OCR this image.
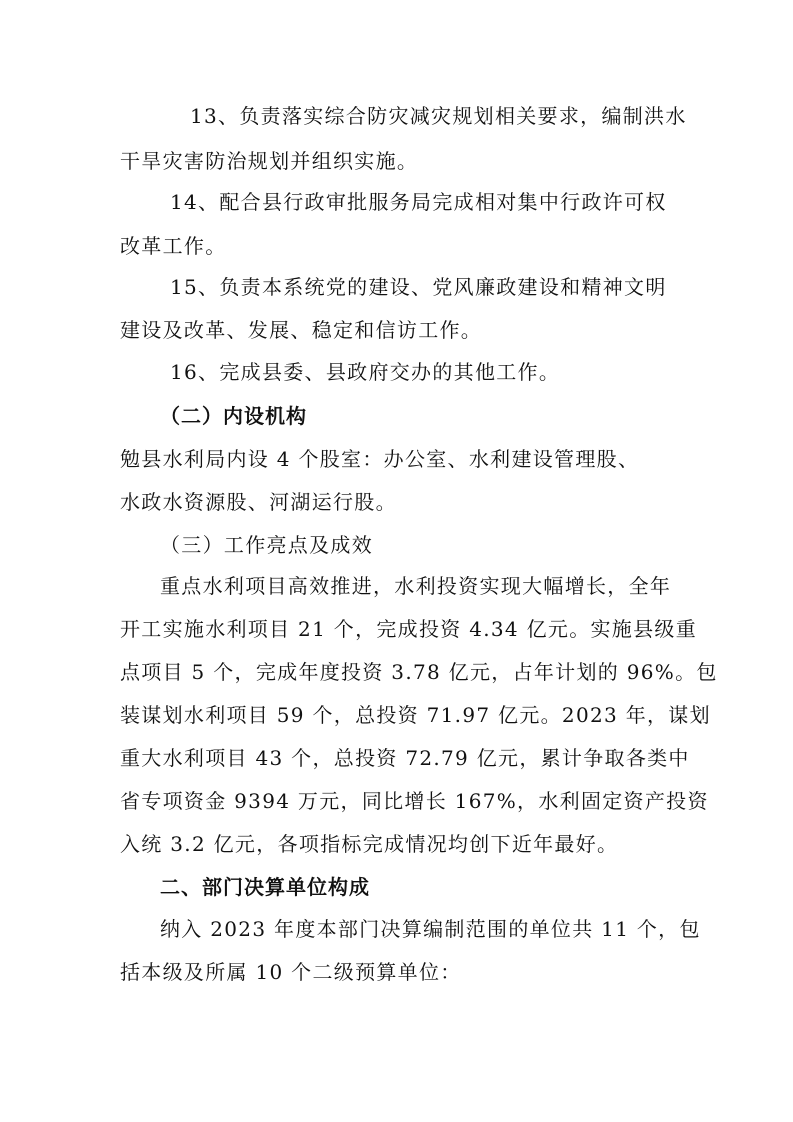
13、负责落实综合防灾减灾规划相关要求，编制洪水
干旱灾害防治规划并组织实施。
14、配合县行政审批服务局完成相对集中行政许可权
改革工作。
15、负责本系统党的建设、党风廉政建设和精神文明
建设及改革、发展、稳定和信访工作。
16、完成县委、县政府交办的其他工作。
（二）内设机构
勉县水利局内设 4 个股室：办公室、水利建设管理股、
水政水资源股、河湖运行股。
（三）工作亮点及成效
重点水利项目高效推进，水利投资实现大幅增长，全年
开工实施水利项目 21 个，完成投资 4.34 亿元。实施县级重
点项目 5 个，完成年度投资 3.78 亿元，占年计划的 96%。包
装谋划水利项目 59 个，总投资 71.97 亿元。2023 年，谋划
重大水利项目 43 个，总投资 72.79 亿元，累计争取各类中
省专项资金 9394 万元，同比增长 167%，水利固定资产投资
入统 3.2 亿元，各项指标完成情况均创下近年最好。
二、部门决算单位构成
纳入 2023 年度本部门决算编制范围的单位共 11 个，包
括本级及所属 10 个二级预算单位：
